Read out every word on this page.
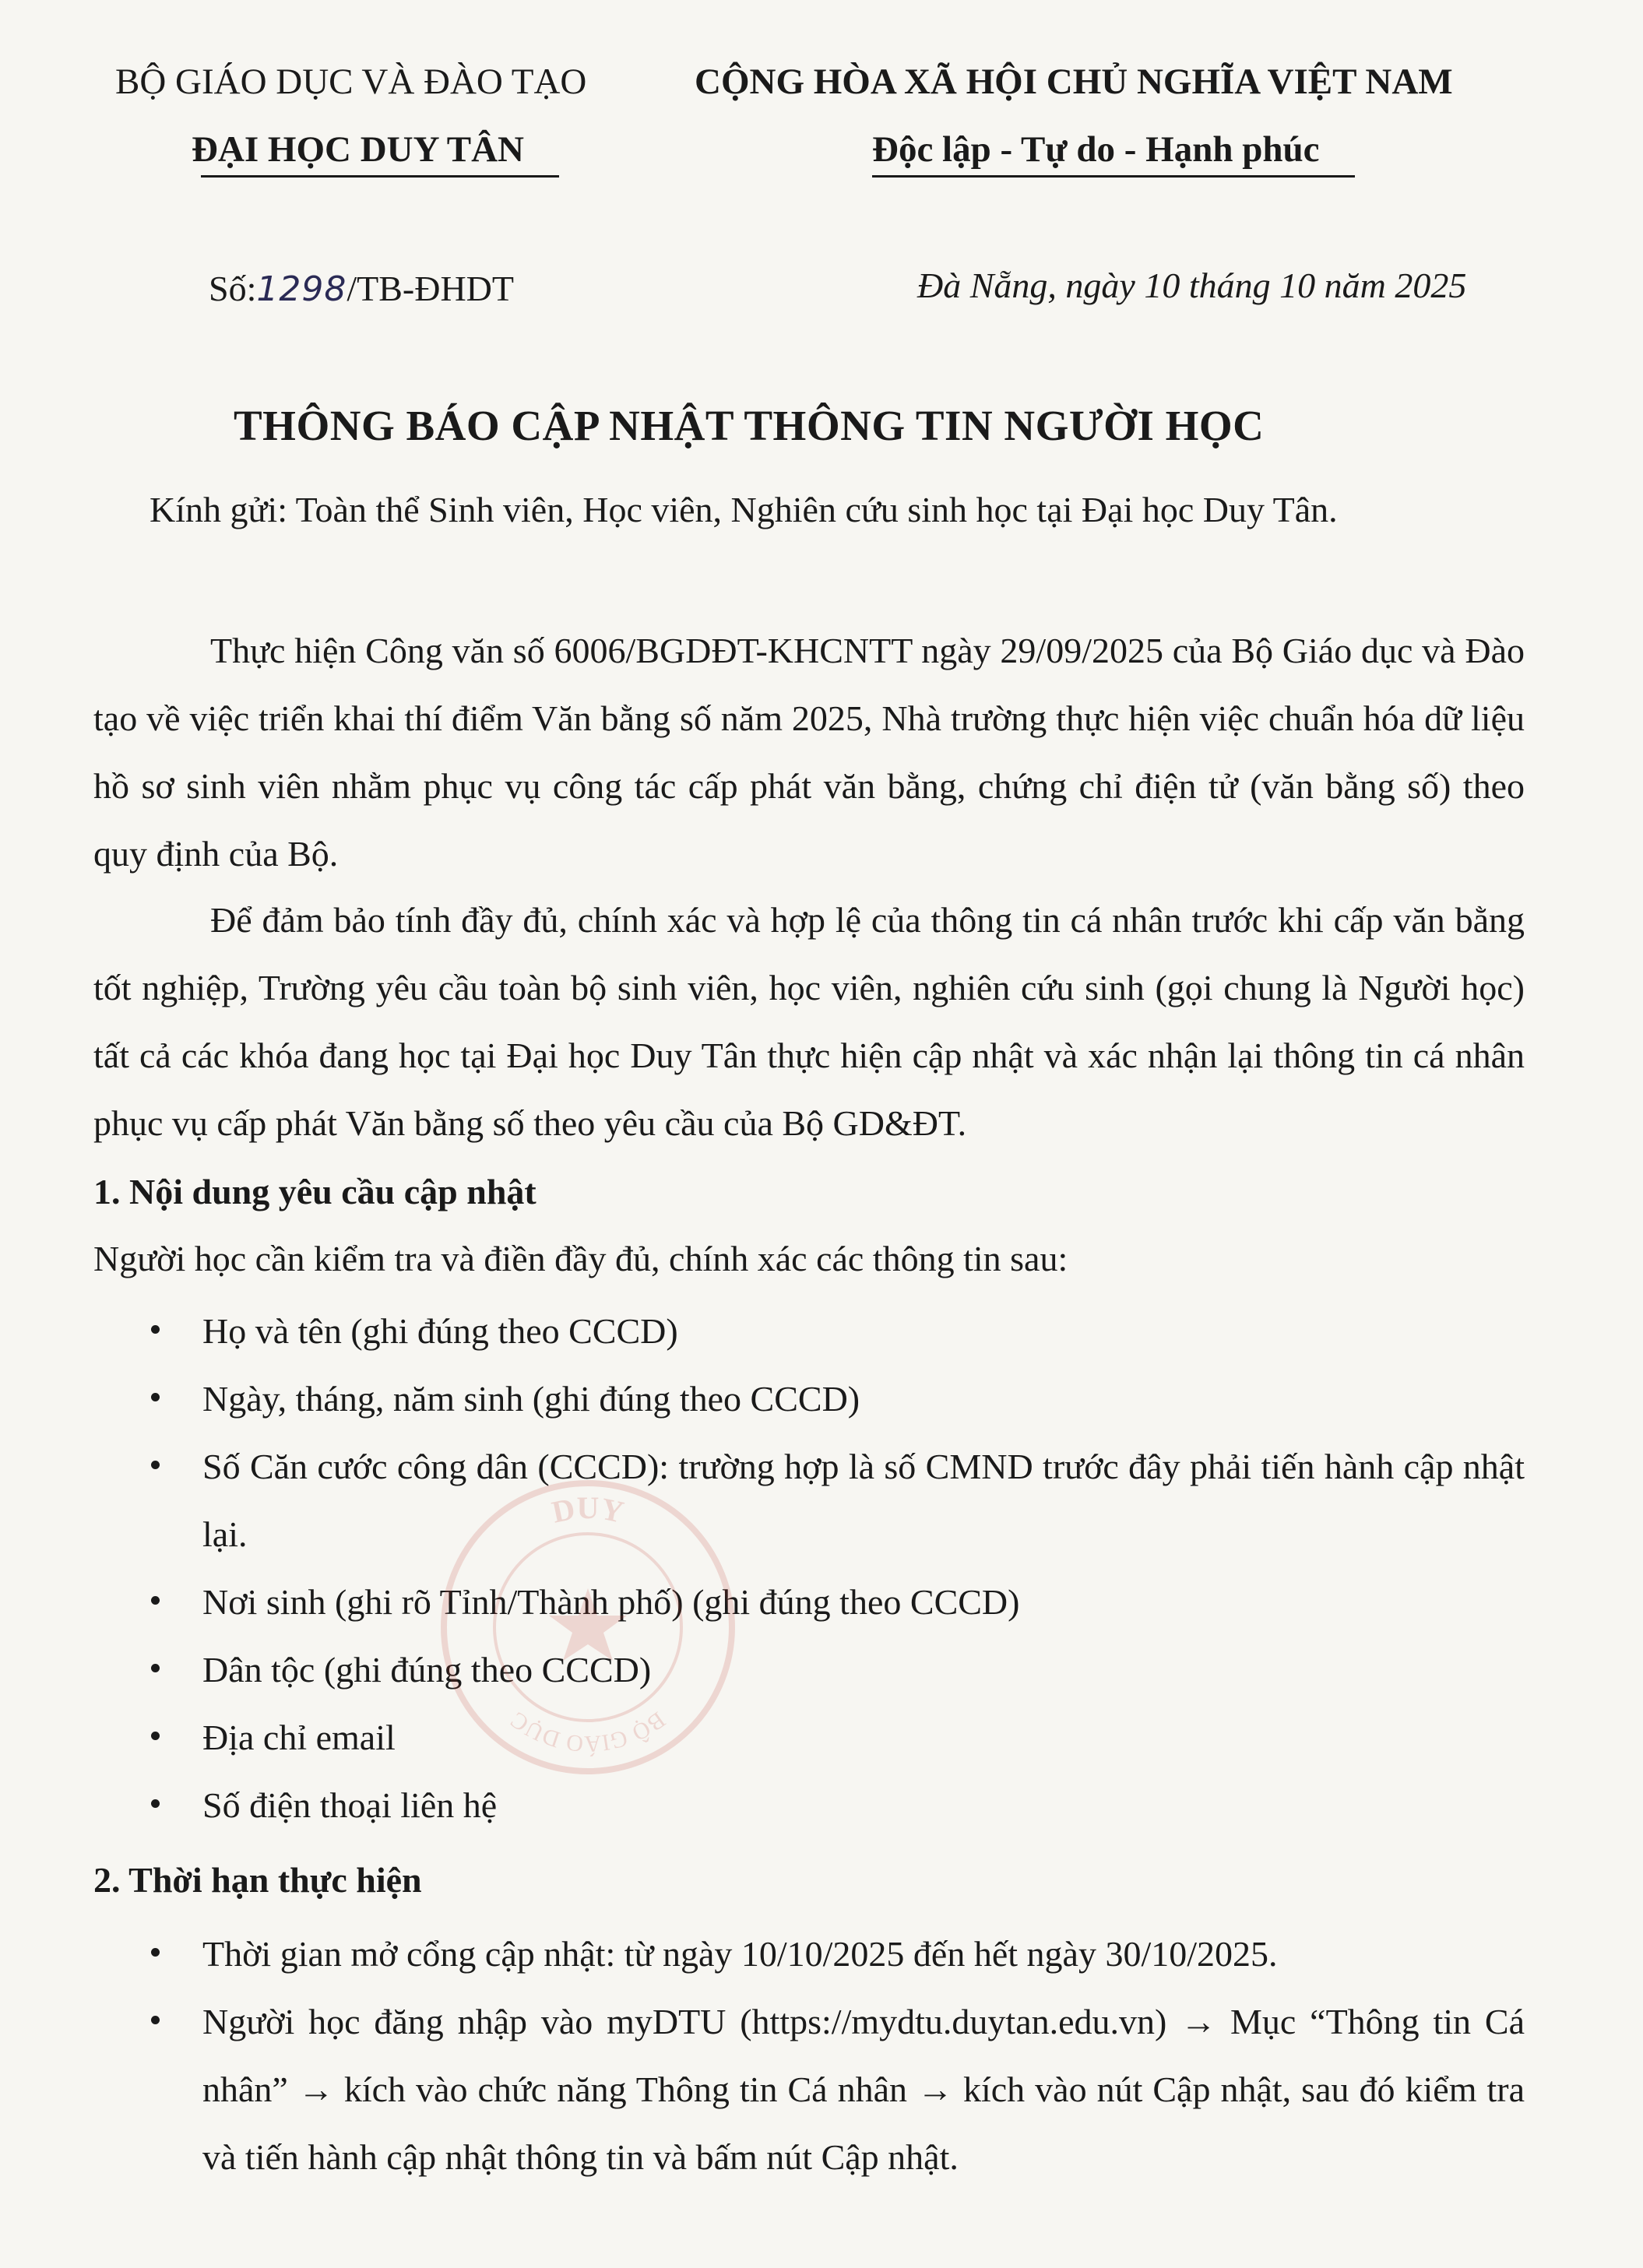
BỘ GIÁO DỤC VÀ ĐÀO TẠO
ĐẠI HỌC DUY TÂN
CỘNG HÒA XÃ HỘI CHỦ NGHĨA VIỆT NAM
Độc lập - Tự do - Hạnh phúc
Số:1298/TB-ĐHDT	Đà Nẵng, ngày 10 tháng 10 năm 2025
THÔNG BÁO CẬP NHẬT THÔNG TIN NGƯỜI HỌC
Kính gửi: Toàn thể Sinh viên, Học viên, Nghiên cứu sinh học tại Đại học Duy Tân.
Thực hiện Công văn số 6006/BGDĐT-KHCNTT ngày 29/09/2025 của Bộ Giáo dục và Đào tạo về việc triển khai thí điểm Văn bằng số năm 2025, Nhà trường thực hiện việc chuẩn hóa dữ liệu hồ sơ sinh viên nhằm phục vụ công tác cấp phát văn bằng, chứng chỉ điện tử (văn bằng số) theo quy định của Bộ.
Để đảm bảo tính đầy đủ, chính xác và hợp lệ của thông tin cá nhân trước khi cấp văn bằng tốt nghiệp, Trường yêu cầu toàn bộ sinh viên, học viên, nghiên cứu sinh (gọi chung là Người học) tất cả các khóa đang học tại Đại học Duy Tân thực hiện cập nhật và xác nhận lại thông tin cá nhân phục vụ cấp phát Văn bằng số theo yêu cầu của Bộ GD&ĐT.
1. Nội dung yêu cầu cập nhật
Người học cần kiểm tra và điền đầy đủ, chính xác các thông tin sau:
Họ và tên (ghi đúng theo CCCD)
Ngày, tháng, năm sinh (ghi đúng theo CCCD)
Số Căn cước công dân (CCCD): trường hợp là số CMND trước đây phải tiến hành cập nhật lại.
Nơi sinh (ghi rõ Tỉnh/Thành phố) (ghi đúng theo CCCD)
Dân tộc (ghi đúng theo CCCD)
Địa chỉ email
Số điện thoại liên hệ
2. Thời hạn thực hiện
Thời gian mở cổng cập nhật: từ ngày 10/10/2025 đến hết ngày 30/10/2025.
Người học đăng nhập vào myDTU (https://mydtu.duytan.edu.vn) → Mục “Thông tin Cá nhân” → kích vào chức năng Thông tin Cá nhân → kích vào nút Cập nhật, sau đó kiểm tra và tiến hành cập nhật thông tin và bấm nút Cập nhật.
DUY
BỘ GIÁO DỤC
